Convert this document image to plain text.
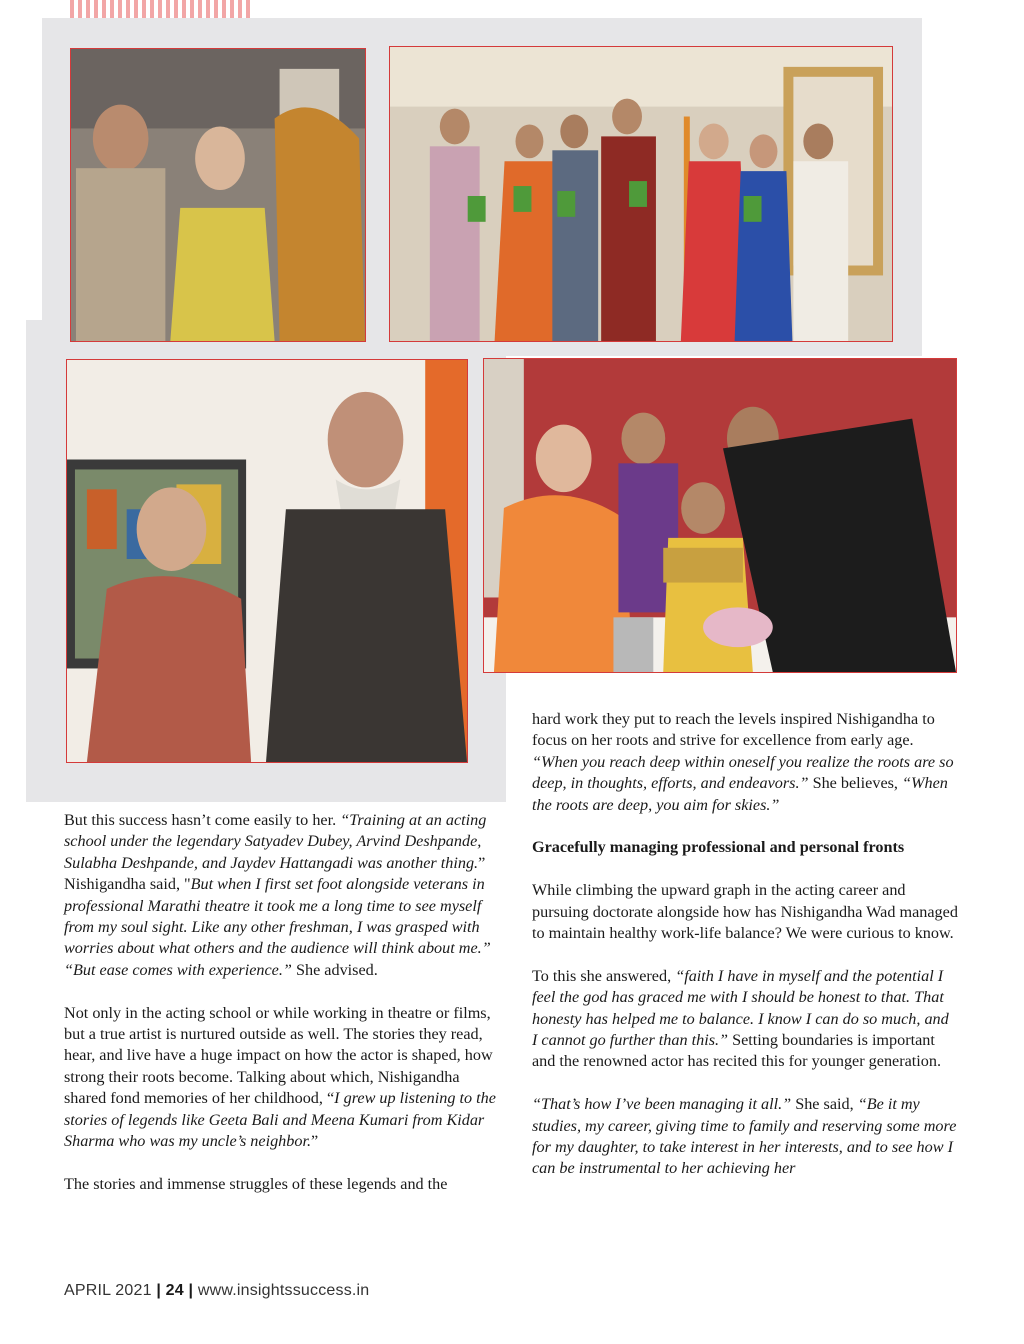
But this success hasn’t come easily to her. “Training at an acting school under the legendary Satyadev Dubey, Arvind Deshpande, Sulabha Deshpande, and Jaydev Hattangadi was another thing.” Nishigandha said, "But when I first set foot alongside veterans in professional Marathi theatre it took me a long time to see myself from my soul sight. Like any other freshman, I was grasped with worries about what others and the audience will think about me.” “But ease comes with experience.” She advised.

Not only in the acting school or while working in theatre or films, but a true artist is nurtured outside as well. The stories they read, hear, and live have a huge impact on how the actor is shaped, how strong their roots become. Talking about which, Nishigandha shared fond memories of her childhood, “I grew up listening to the stories of legends like Geeta Bali and Meena Kumari from Kidar Sharma who was my uncle’s neighbor.”

The stories and immense struggles of these legends and the

hard work they put to reach the levels inspired Nishigandha to focus on her roots and strive for excellence from early age. “When you reach deep within oneself you realize the roots are so deep, in thoughts, efforts, and endeavors.” She believes, “When the roots are deep, you aim for skies.”

Gracefully managing professional and personal fronts

While climbing the upward graph in the acting career and pursuing doctorate alongside how has Nishigandha Wad managed to maintain healthy work-life balance? We were curious to know.

To this she answered, “faith I have in myself and the potential I feel the god has graced me with I should be honest to that. That honesty has helped me to balance. I know I can do so much, and I cannot go further than this.” Setting boundaries is important and the renowned actor has recited this for younger generation.

“That’s how I’ve been managing it all.” She said, “Be it my studies, my career, giving time to family and reserving some more for my daughter, to take interest in her interests, and to see how I can be instrumental to her achieving her

APRIL 2021 | 24 | www.insightssuccess.in
